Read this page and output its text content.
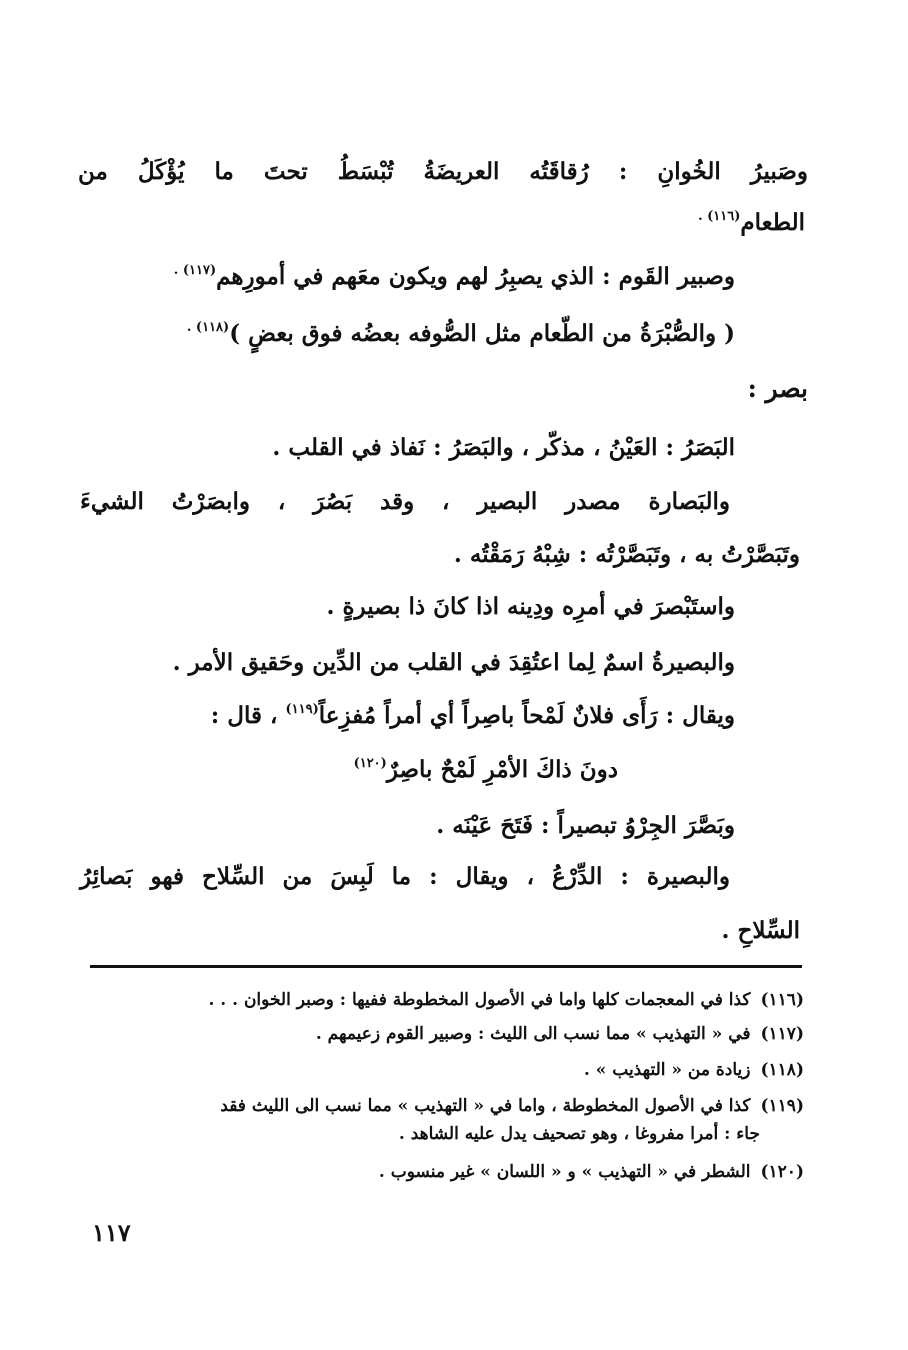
وصَبيرُ الخُوانِ : رُقاقَتُه العريضَةُ تُبْسَطُ تحتَ ما يُؤْكَلُ من
الطعام$^{(١١٦) .}$
وصبير القَوم : الذي يصبِرُ لهم ويكون معَهم في أمورِهم$^{(١١٧) .}$
( والصُّبْرَةُ من الطّعام مثل الصُّوفه بعضُه فوق بعضٍ )$^{(١١٨) .}$
بصر :
البَصَرُ : العَيْنُ ، مذكّر ، والبَصَرُ : نَفاذ في القلب .
والبَصارة مصدر البصير ، وقد بَصُرَ ، وابصَرْتُ الشيءَ
وتَبَصَّرْتُ به ، وتَبَصَّرْتُه : شِبْهُ رَمَقْتُه .
واستَبْصرَ في أمرِه ودِينه اذا كانَ ذا بصيرةٍ .
والبصيرةُ اسمٌ لِما اعتُقِدَ في القلب من الدِّين وحَقيق الأمر .
ويقال : رَأَى فلانٌ لَمْحاً باصِراً أي أمراً مُفزِعاً$^{(١١٩)}$ ، قال :
دونَ ذاكَ الأمْرِ لَمْحٌ باصِرٌ$^{(١٢٠)}$
وبَصَّرَ الجِرْوُ تبصيراً : فَتَحَ عَيْنَه .
والبصيرة : الدِّرْعُ ، ويقال : ما لَبِسَ من السِّلاح فهو بَصائِرُ
السِّلاحِ .
(١١٦)كذا في المعجمات كلها واما في الأصول المخطوطة ففيها : وصبر الخوان . . .
(١١٧)في « التهذيب » مما نسب الى الليث : وصبير القوم زعيمهم .
(١١٨)زيادة من « التهذيب » .
(١١٩)كذا في الأصول المخطوطة ، واما في « التهذيب » مما نسب الى الليث فقد
جاء : أمرا مفروغا ، وهو تصحيف يدل عليه الشاهد .
(١٢٠)الشطر في « التهذيب » و « اللسان » غير منسوب .
١١٧
